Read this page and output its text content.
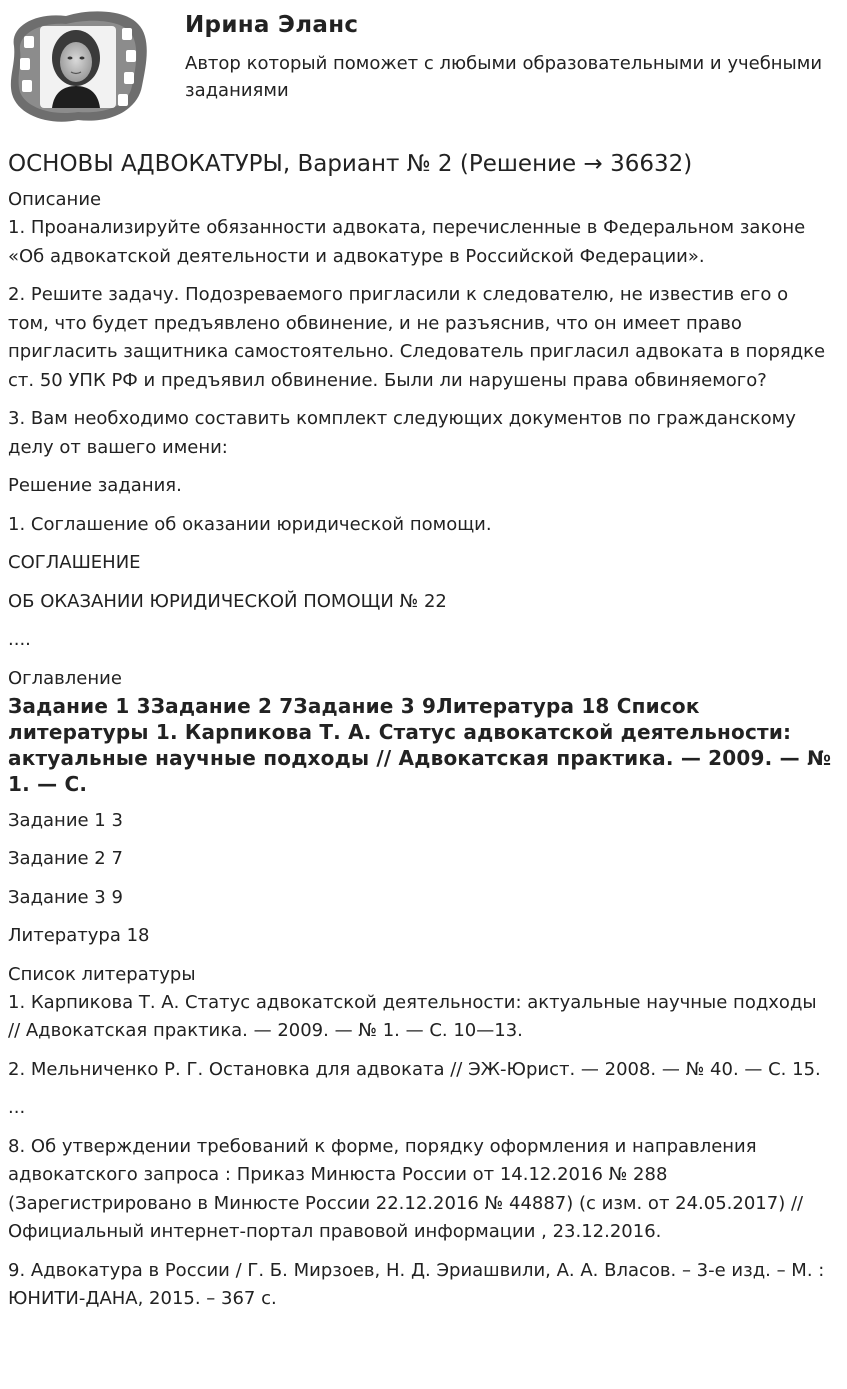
Ирина Эланс
Автор который поможет с любыми образовательными и учебными заданиями
ОСНОВЫ АДВОКАТУРЫ, Вариант № 2 (Решение → 36632)

Описание

1. Проанализируйте обязанности адвоката, перечисленные в Федеральном законе «Об адвокатской деятельности и адвокатуре в Российской Федерации».

2. Решите задачу. Подозреваемого пригласили к следователю, не известив его о том, что будет предъявлено обвинение, и не разъяснив, что он имеет право пригласить защитника самостоятельно. Следователь пригласил адвоката в порядке ст. 50 УПК РФ и предъявил обвинение. Были ли нарушены права обвиняемого?

3. Вам необходимо составить комплект следующих документов по гражданскому делу от вашего имени:

Решение задания.

1. Соглашение об оказании юридической помощи.

СОГЛАШЕНИЕ

ОБ ОКАЗАНИИ ЮРИДИЧЕСКОЙ ПОМОЩИ № 22

....

Оглавление

Задание 1 3Задание 2 7Задание 3 9Литература 18 Список литературы 1. Карпикова Т. А. Статус адвокатской деятельности: актуальные научные подходы // Адвокатская практика. — 2009. — № 1. — С.

Задание 1 3

Задание 2 7

Задание 3 9

Литература 18

Список литературы

1. Карпикова Т. А. Статус адвокатской деятельности: актуальные научные подходы // Адвокатская практика. — 2009. — № 1. — С. 10—13.

2. Мельниченко Р. Г. Остановка для адвоката // ЭЖ-Юрист. — 2008. — № 40. — С. 15.

...

8. Об утверждении требований к форме, порядку оформления и направления адвокатского запроса : Приказ Минюста России от 14.12.2016 № 288 (Зарегистрировано в Минюсте России 22.12.2016 № 44887) (с изм. от 24.05.2017) // Официальный интернет-портал правовой информации , 23.12.2016.

9. Адвокатура в России / Г. Б. Мирзоев, Н. Д. Эриашвили, А. А. Власов. – 3-е изд. – М. : ЮНИТИ-ДАНА, 2015. – 367 с.
